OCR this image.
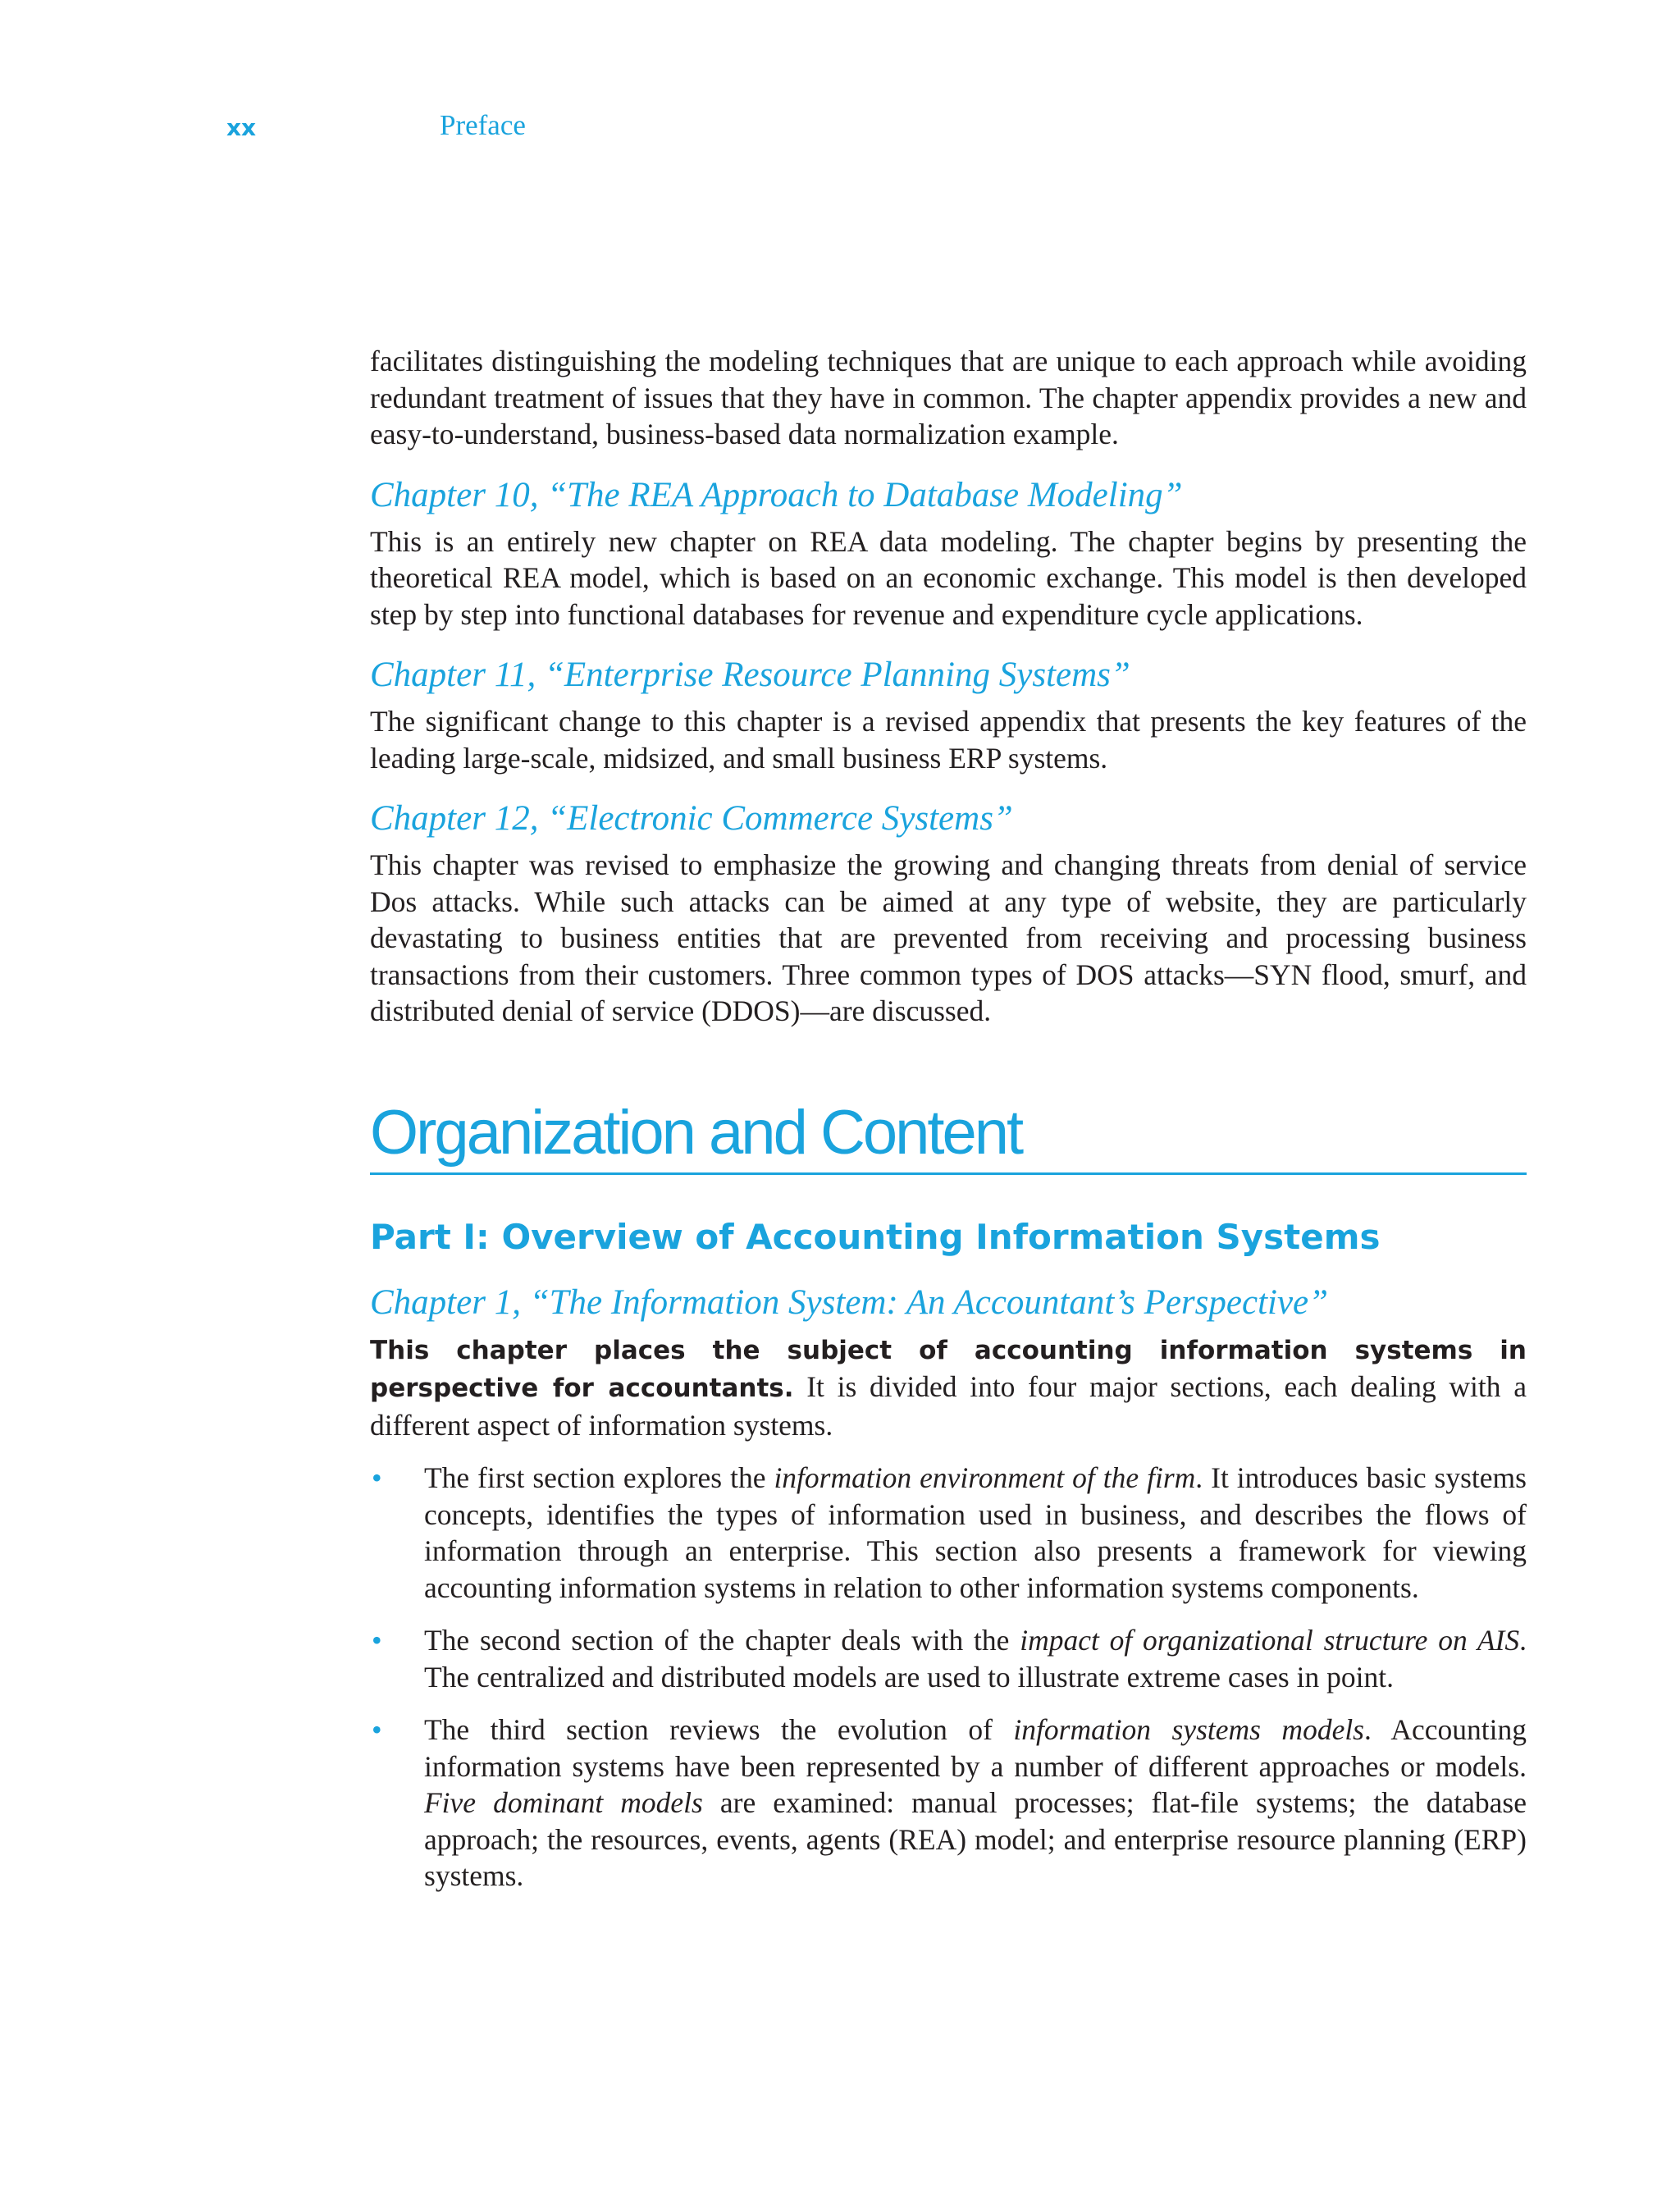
xx	Preface

facilitates distinguishing the modeling techniques that are unique to each approach while avoiding redundant treatment of issues that they have in common. The chapter appendix provides a new and easy-to-understand, business-based data normalization example.

Chapter 10, “The REA Approach to Database Modeling”

This is an entirely new chapter on REA data modeling. The chapter begins by presenting the theoretical REA model, which is based on an economic exchange. This model is then developed step by step into functional databases for revenue and expenditure cycle applications.

Chapter 11, “Enterprise Resource Planning Systems”

The significant change to this chapter is a revised appendix that presents the key features of the leading large-scale, midsized, and small business ERP systems.

Chapter 12, “Electronic Commerce Systems”

This chapter was revised to emphasize the growing and changing threats from denial of service Dos attacks. While such attacks can be aimed at any type of website, they are particularly devastating to business entities that are prevented from receiving and processing business transactions from their customers. Three common types of DOS attacks—SYN flood, smurf, and distributed denial of service (DDOS)—are discussed.

Organization and Content
Part I: Overview of Accounting Information Systems
Chapter 1, “The Information System: An Accountant’s Perspective”

This chapter places the subject of accounting information systems in perspective for accountants. It is divided into four major sections, each dealing with a different aspect of information systems.

• The first section explores the information environment of the firm. It introduces basic systems concepts, identifies the types of information used in business, and describes the flows of information through an enterprise. This section also presents a framework for viewing accounting information systems in relation to other information systems components.

• The second section of the chapter deals with the impact of organizational structure on AIS. The centralized and distributed models are used to illustrate extreme cases in point.

• The third section reviews the evolution of information systems models. Accounting information systems have been represented by a number of different approaches or models. Five dominant models are examined: manual processes; flat-file systems; the database approach; the resources, events, agents (REA) model; and enterprise resource planning (ERP) systems.
